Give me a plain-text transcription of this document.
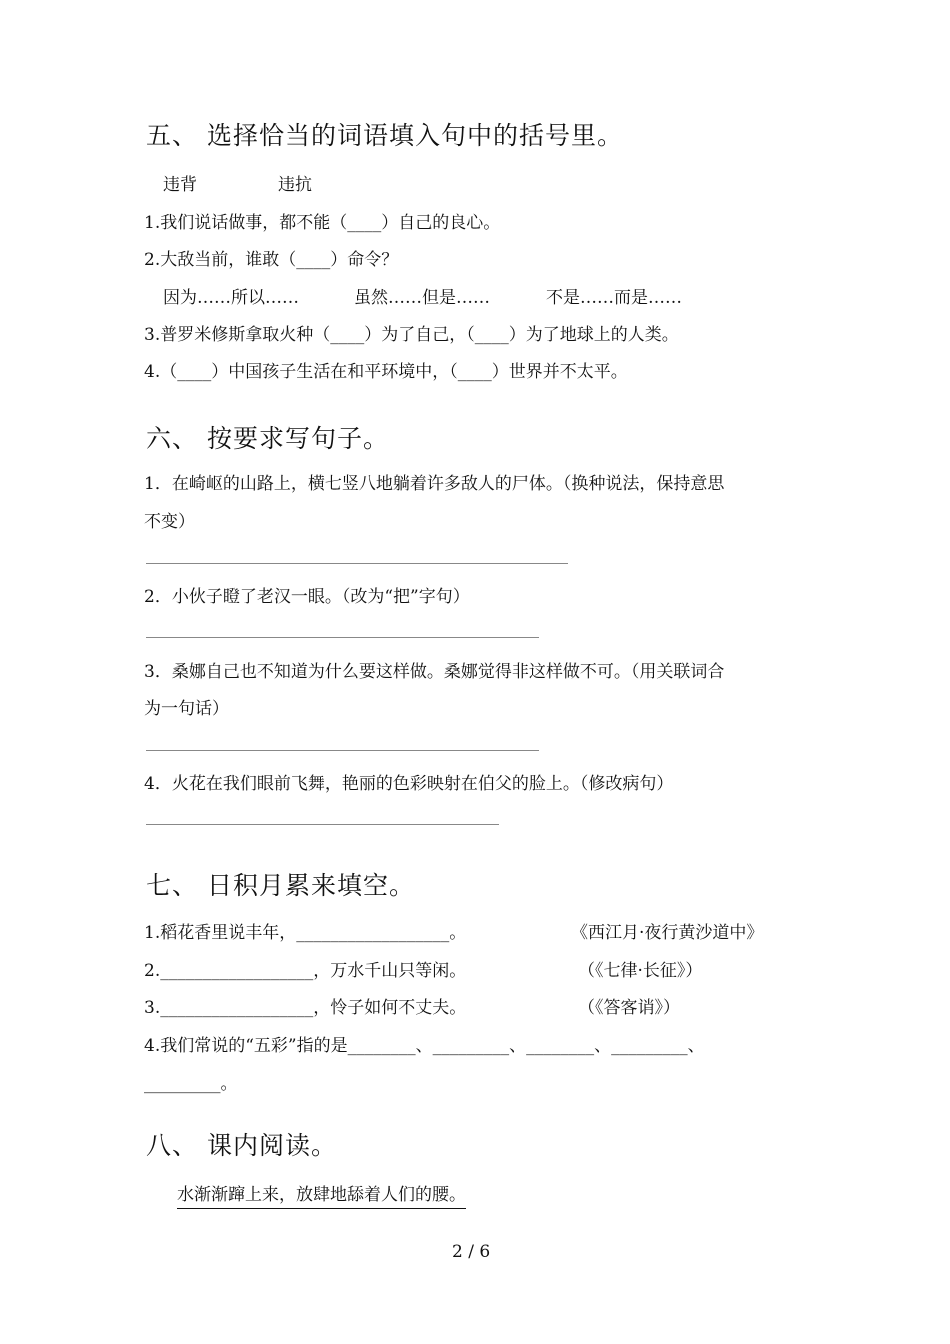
五、 选择恰当的词语填入句中的括号里。
违背	违抗
1.我们说话做事，都不能（____）自己的良心。
2.大敌当前，谁敢（____）命令？
因为……所以……	虽然……但是……	不是……而是……
3.普罗米修斯拿取火种（____）为了自己，（____）为了地球上的人类。
4.（____）中国孩子生活在和平环境中，（____）世界并不太平。
六、 按要求写句子。
1．在崎岖的山路上，横七竖八地躺着许多敌人的尸体。（换种说法，保持意思
不变）
2．小伙子瞪了老汉一眼。（改为“把”字句）
3．桑娜自己也不知道为什么要这样做。桑娜觉得非这样做不可。（用关联词合
为一句话）
4．火花在我们眼前飞舞，艳丽的色彩映射在伯父的脸上。（修改病句）
七、 日积月累来填空。
1.稻花香里说丰年，__________________。	《西江月·夜行黄沙道中》
2.__________________，万水千山只等闲。	（《七律·长征》）
3.__________________，怜子如何不丈夫。	（《答客诮》）
4.我们常说的“五彩”指的是________、_________、________、_________、
_________。
八、 课内阅读。
水渐渐蹿上来，放肆地舔着人们的腰。
2 / 6
